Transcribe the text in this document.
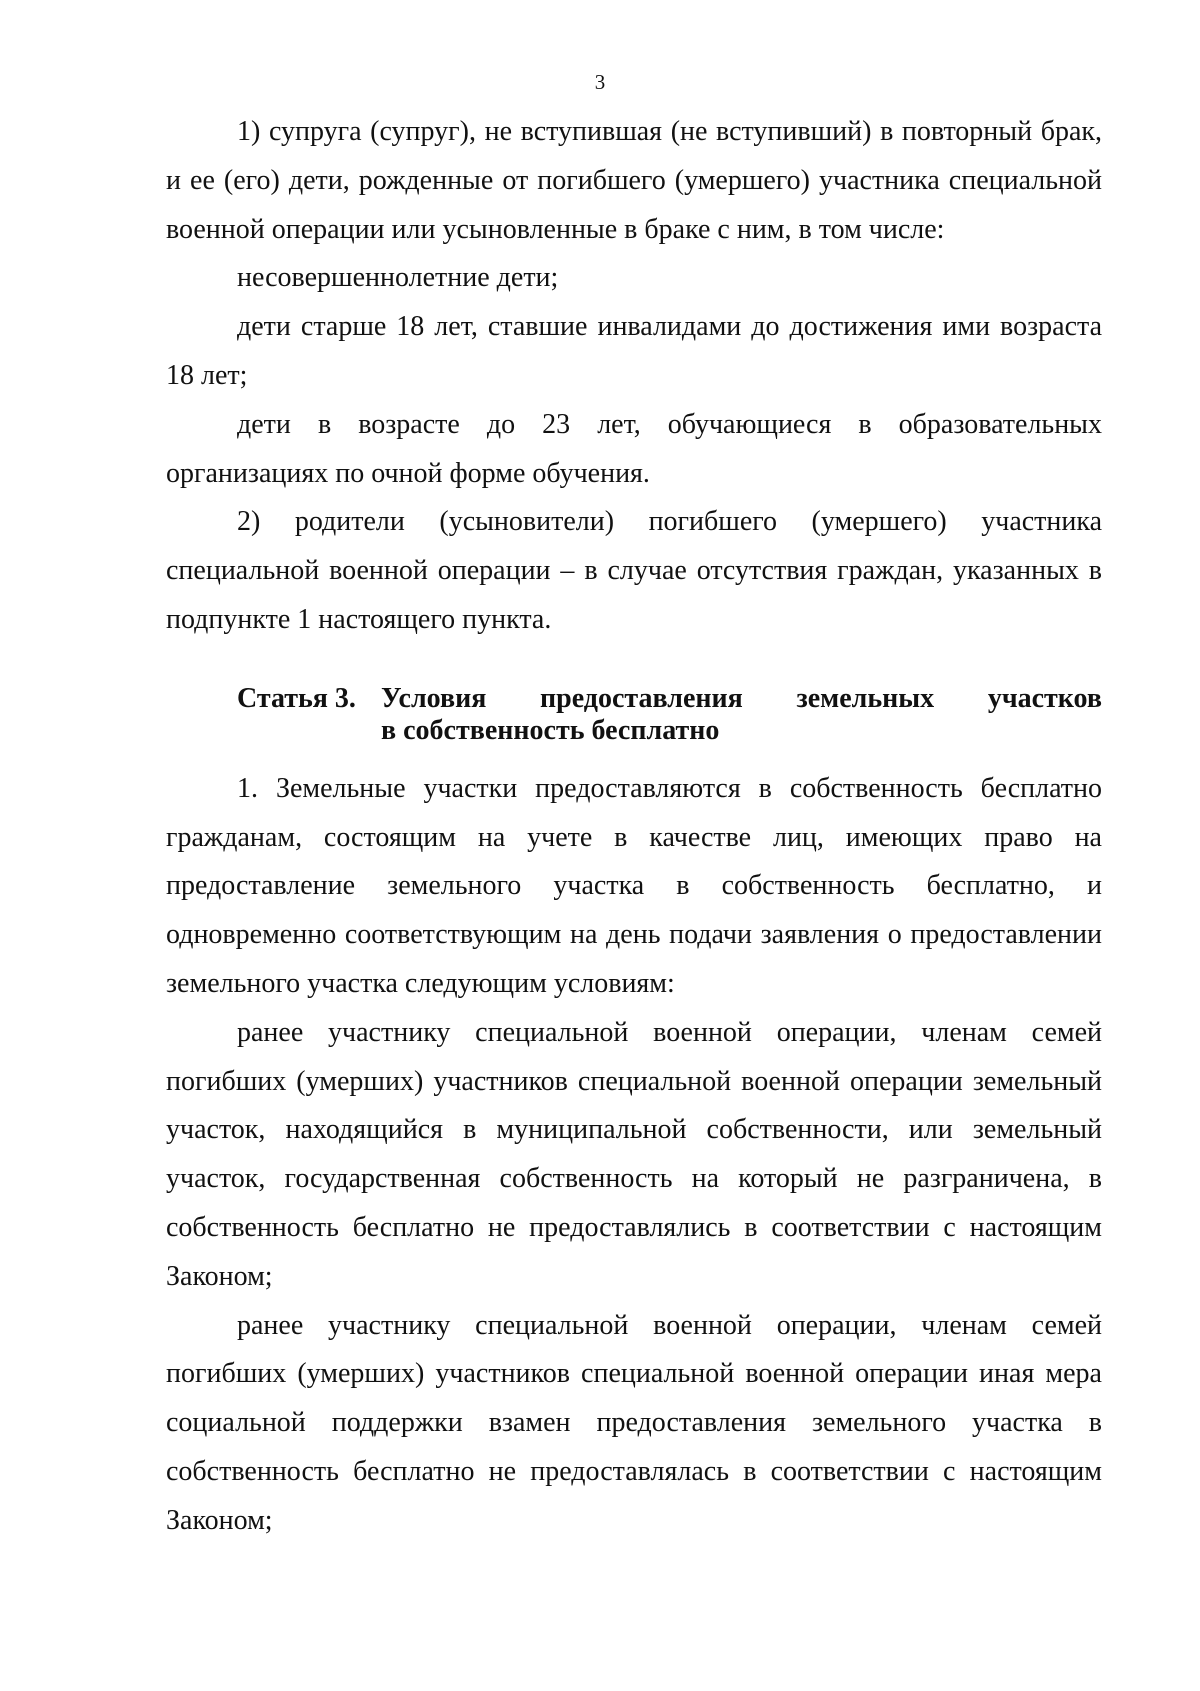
3

1) супруга (супруг), не вступившая (не вступивший) в повторный брак, и ее (его) дети, рожденные от погибшего (умершего) участника специальной военной операции или усыновленные в браке с ним, в том числе:

несовершеннолетние дети;

дети старше 18 лет, ставшие инвалидами до достижения ими возраста 18 лет;

дети в возрасте до 23 лет, обучающиеся в образовательных организациях по очной форме обучения.

2) родители (усыновители) погибшего (умершего) участника специальной военной операции – в случае отсутствия граждан, указанных в подпункте 1 настоящего пункта.

Статья 3. Условия предоставления земельных участков
в собственность бесплатно

1. Земельные участки предоставляются в собственность бесплатно гражданам, состоящим на учете в качестве лиц, имеющих право на предоставление земельного участка в собственность бесплатно, и одновременно соответствующим на день подачи заявления о предоставлении земельного участка следующим условиям:

ранее участнику специальной военной операции, членам семей погибших (умерших) участников специальной военной операции земельный участок, находящийся в муниципальной собственности, или земельный участок, государственная собственность на который не разграничена, в собственность бесплатно не предоставлялись в соответствии с настоящим Законом;

ранее участнику специальной военной операции, членам семей погибших (умерших) участников специальной военной операции иная мера социальной поддержки взамен предоставления земельного участка в собственность бесплатно не предоставлялась в соответствии с настоящим Законом;
